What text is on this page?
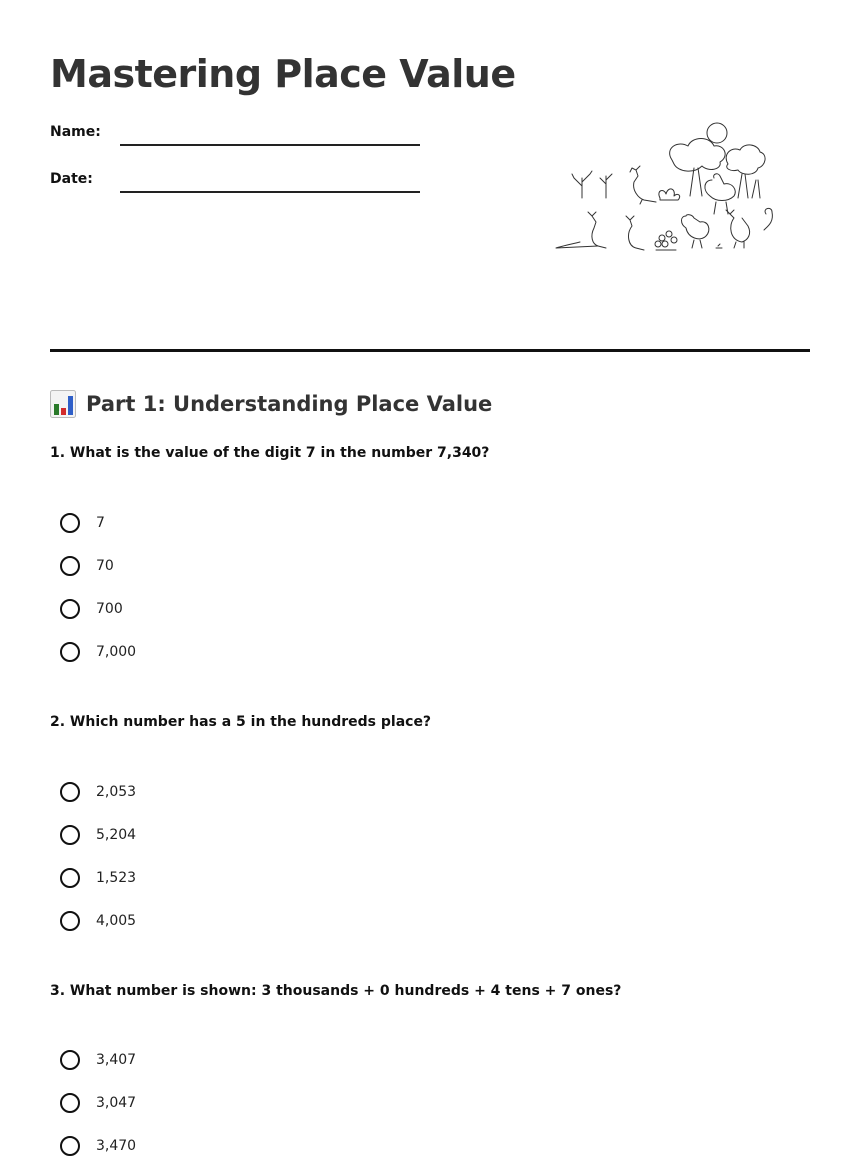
Mastering Place Value
Name:
Date:
Part 1: Understanding Place Value
1. What is the value of the digit 7 in the number 7,340?
7
70
700
7,000
2. Which number has a 5 in the hundreds place?
2,053
5,204
1,523
4,005
3. What number is shown: 3 thousands + 0 hundreds + 4 tens + 7 ones?
3,407
3,047
3,470
